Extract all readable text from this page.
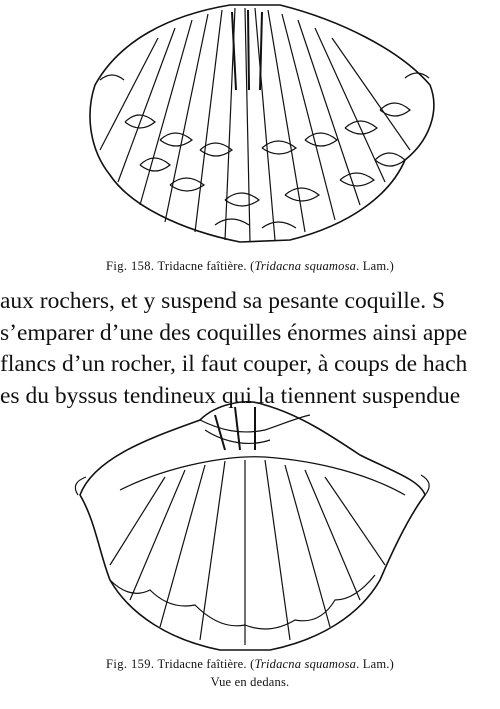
Fig. 158. Tridacne faîtière. (Tridacna squamosa. Lam.)
aux rochers, et y suspend sa pesante coquille. S
s’emparer d’une des coquilles énormes ainsi appe
flancs d’un rocher, il faut couper, à coups de hach
es du byssus tendineux qui la tiennent suspendue
Fig. 159. Tridacne faîtière. (Tridacna squamosa. Lam.)
Vue en dedans.
